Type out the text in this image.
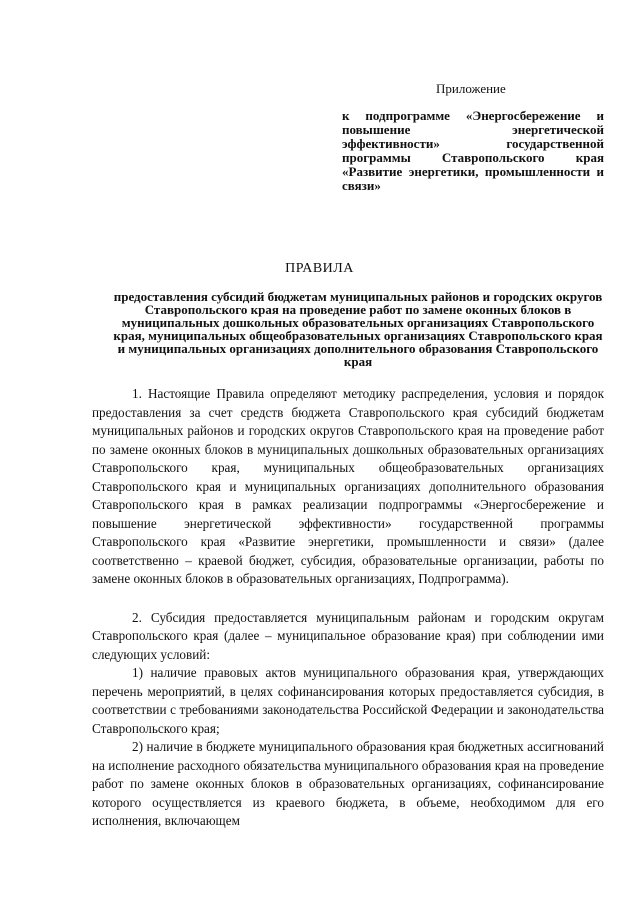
Приложение
к подпрограмме «Энергосбережение и повышение энергетической эффективности» государственной программы Ставропольского края «Развитие энергетики, промышленности и связи»
ПРАВИЛА
предоставления субсидий бюджетам муниципальных районов и городских округов Ставропольского края на проведение работ по замене оконных блоков в муниципальных дошкольных образовательных организациях Ставропольского края, муниципальных общеобразовательных организациях Ставропольского края и муниципальных организациях дополнительного образования Ставропольского края

1. Настоящие Правила определяют методику распределения, условия и порядок предоставления за счет средств бюджета Ставропольского края субсидий бюджетам муниципальных районов и городских округов Ставропольского края на проведение работ по замене оконных блоков в муниципальных дошкольных образовательных организациях Ставропольского края, муниципальных общеобразовательных организациях Ставропольского края и муниципальных организациях дополнительного образования Ставропольского края в рамках реализации подпрограммы «Энергосбережение и повышение энергетической эффективности» государственной программы Ставропольского края «Развитие энергетики, промышленности и связи» (далее соответственно – краевой бюджет, субсидия, образовательные организации, работы по замене оконных блоков в образовательных организациях, Подпрограмма).

2. Субсидия предоставляется муниципальным районам и городским округам Ставропольского края (далее – муниципальное образование края) при соблюдении ими следующих условий:

1) наличие правовых актов муниципального образования края, утверждающих перечень мероприятий, в целях софинансирования которых предоставляется субсидия, в соответствии с требованиями законодательства Российской Федерации и законодательства Ставропольского края;

2) наличие в бюджете муниципального образования края бюджетных ассигнований на исполнение расходного обязательства муниципального образования края на проведение работ по замене оконных блоков в образовательных организациях, софинансирование которого осуществляется из краевого бюджета, в объеме, необходимом для его исполнения, включающем
